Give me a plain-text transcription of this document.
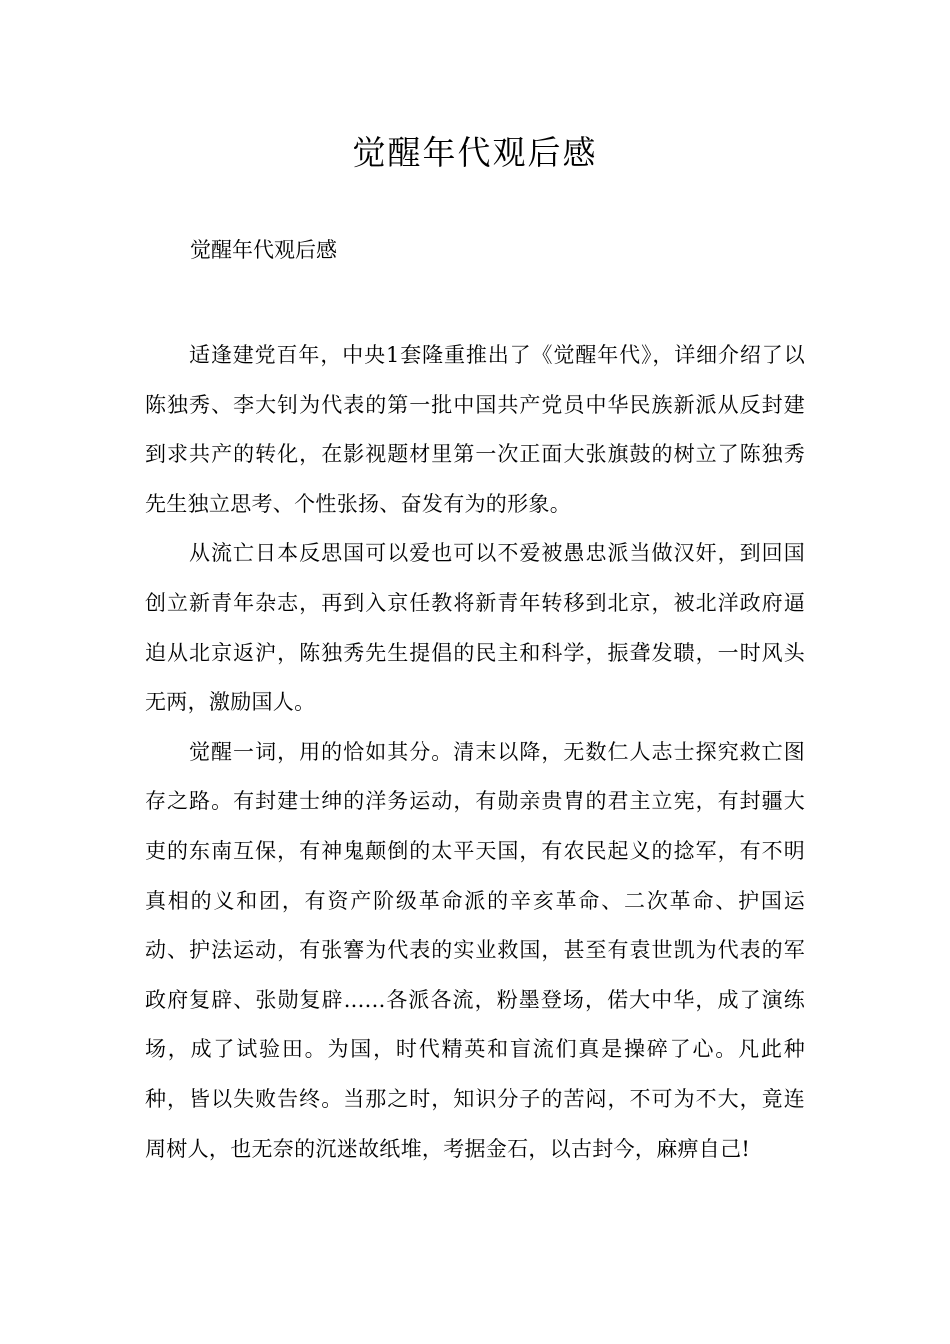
觉醒年代观后感

觉醒年代观后感

适逢建党百年，中央1套隆重推出了《觉醒年代》，详细介绍了以陈独秀、李大钊为代表的第一批中国共产党员中华民族新派从反封建到求共产的转化，在影视题材里第一次正面大张旗鼓的树立了陈独秀先生独立思考、个性张扬、奋发有为的形象。

从流亡日本反思国可以爱也可以不爱被愚忠派当做汉奸，到回国创立新青年杂志，再到入京任教将新青年转移到北京，被北洋政府逼迫从北京返沪，陈独秀先生提倡的民主和科学，振聋发聩，一时风头无两，激励国人。

觉醒一词，用的恰如其分。清末以降，无数仁人志士探究救亡图存之路。有封建士绅的洋务运动，有勋亲贵胄的君主立宪，有封疆大吏的东南互保，有神鬼颠倒的太平天国，有农民起义的捻军，有不明真相的义和团，有资产阶级革命派的辛亥革命、二次革命、护国运动、护法运动，有张謇为代表的实业救国，甚至有袁世凯为代表的军政府复辟、张勋复辟......各派各流，粉墨登场，偌大中华，成了演练场，成了试验田。为国，时代精英和盲流们真是操碎了心。凡此种种，皆以失败告终。当那之时，知识分子的苦闷，不可为不大，竟连周树人，也无奈的沉迷故纸堆，考据金石，以古封今，麻痹自己!
